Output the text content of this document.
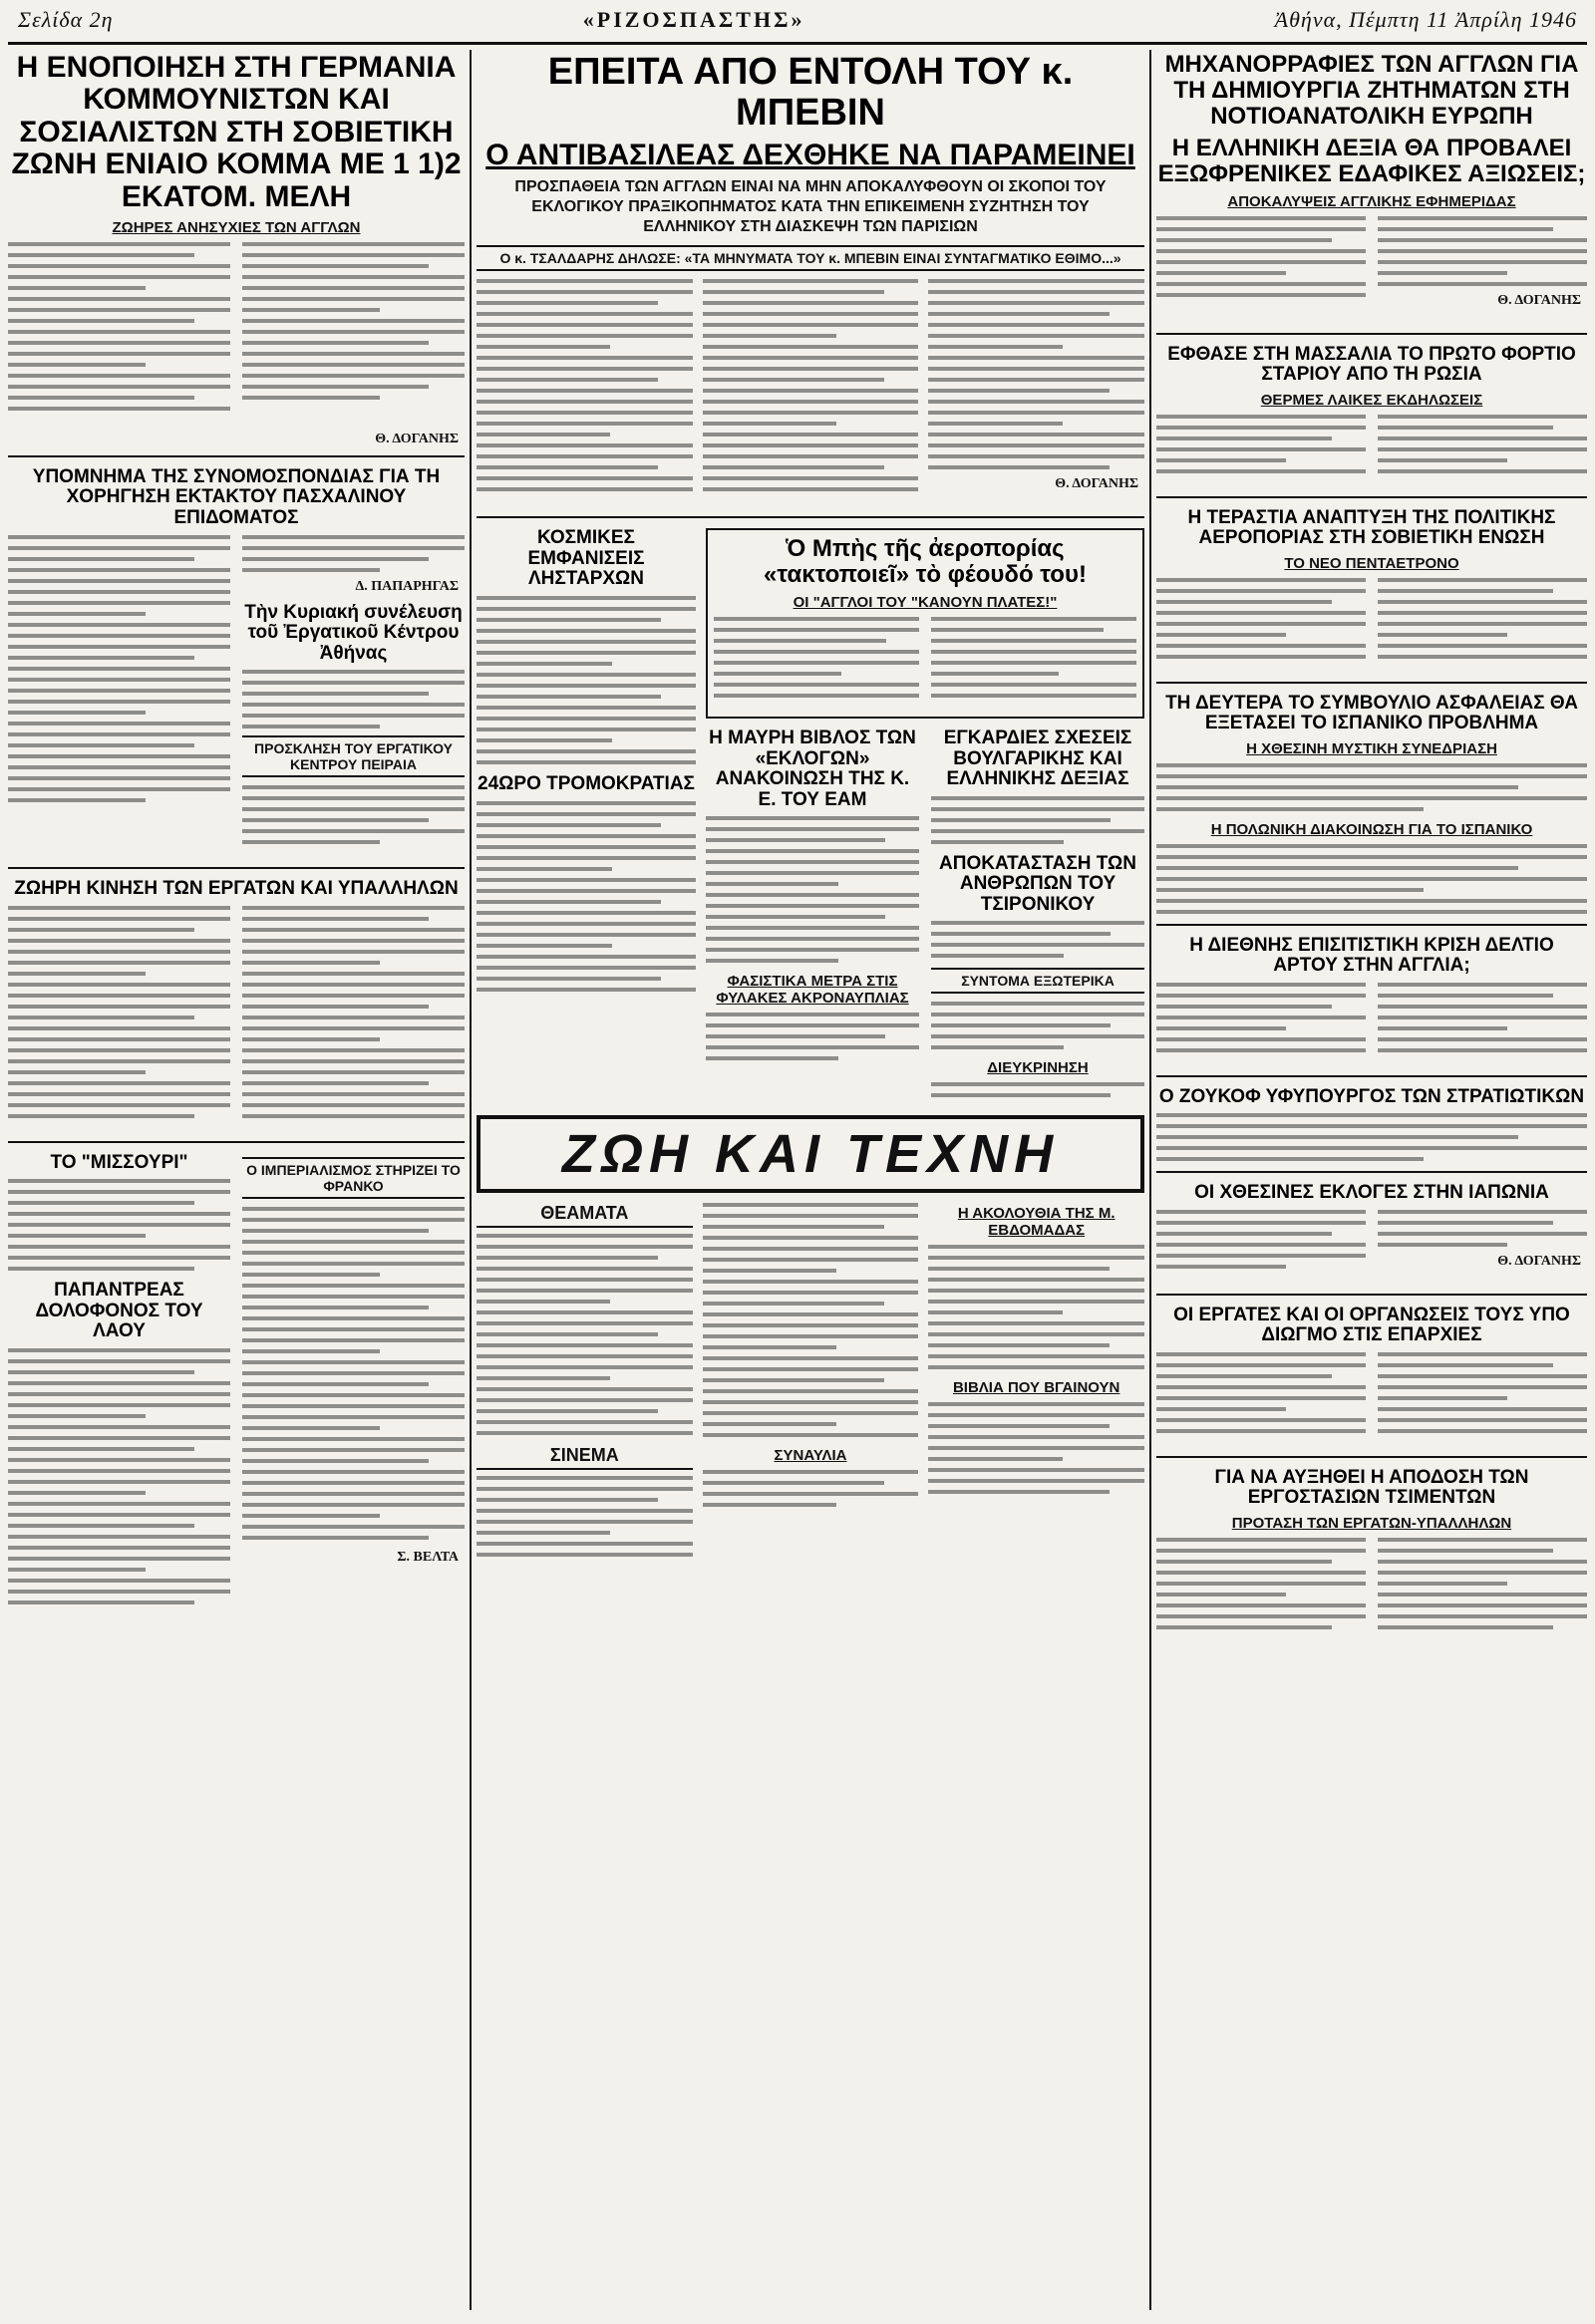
Σελίδα 2η	«ΡΙΖΟΣΠΑΣΤΗΣ»	Ἀθήνα, Πέμπτη 11 Ἀπρίλη 1946
Η ΕΝΟΠΟΙΗΣΗ ΣΤΗ ΓΕΡΜΑΝΙΑ ΚΟΜΜΟΥΝΙΣΤΩΝ ΚΑΙ ΣΟΣΙΑΛΙΣΤΩΝ ΣΤΗ ΣΟΒΙΕΤΙΚΗ ΖΩΝΗ ΕΝΙΑΙΟ ΚΟΜΜΑ ΜΕ 1 1)2 ΕΚΑΤΟΜ. ΜΕΛΗ
ΖΩΗΡΕΣ ΑΝΗΣΥΧΙΕΣ ΤΩΝ ΑΓΓΛΩΝ
Θ. ΔΟΓΑΝΗΣ
ΥΠΟΜΝΗΜΑ ΤΗΣ ΣΥΝΟΜΟΣΠΟΝΔΙΑΣ ΓΙΑ ΤΗ ΧΟΡΗΓΗΣΗ ΕΚΤΑΚΤΟΥ ΠΑΣΧΑΛΙΝΟΥ ΕΠΙΔΟΜΑΤΟΣ
Δ. ΠΑΠΑΡΗΓΑΣ
Τὴν Κυριακή συνέλευση τοῦ Ἐργατικοῦ Κέντρου Ἀθήνας
ΠΡΟΣΚΛΗΣΗ ΤΟΥ ΕΡΓΑΤΙΚΟΥ ΚΕΝΤΡΟΥ ΠΕΙΡΑΙΑ
ΖΩΗΡΗ ΚΙΝΗΣΗ ΤΩΝ ΕΡΓΑΤΩΝ ΚΑΙ ΥΠΑΛΛΗΛΩΝ
ΤΟ "ΜΙΣΣΟΥΡΙ"
ΠΑΠΑΝΤΡΕΑΣ ΔΟΛΟΦΟΝΟΣ ΤΟΥ ΛΑΟΥ
Ο ΙΜΠΕΡΙΑΛΙΣΜΟΣ ΣΤΗΡΙΖΕΙ ΤΟ ΦΡΑΝΚΟ
Σ. ΒΕΛΤΑ
ΕΠΕΙΤΑ ΑΠΟ ΕΝΤΟΛΗ ΤΟΥ κ. ΜΠΕΒΙΝ
Ο ΑΝΤΙΒΑΣΙΛΕΑΣ ΔΕΧΘΗΚΕ ΝΑ ΠΑΡΑΜΕΙΝΕΙ
ΠΡΟΣΠΑΘΕΙΑ ΤΩΝ ΑΓΓΛΩΝ ΕΙΝΑΙ ΝΑ ΜΗΝ ΑΠΟΚΑΛΥΦΘΟΥΝ ΟΙ ΣΚΟΠΟΙ ΤΟΥ ΕΚΛΟΓΙΚΟΥ ΠΡΑΞΙΚΟΠΗΜΑΤΟΣ ΚΑΤΑ ΤΗΝ ΕΠΙΚΕΙΜΕΝΗ ΣΥΖΗΤΗΣΗ ΤΟΥ ΕΛΛΗΝΙΚΟΥ ΣΤΗ ΔΙΑΣΚΕΨΗ ΤΩΝ ΠΑΡΙΣΙΩΝ
Ο κ. ΤΣΑΛΔΑΡΗΣ ΔΗΛΩΣΕ: «ΤΑ ΜΗΝΥΜΑΤΑ ΤΟΥ κ. ΜΠΕΒΙΝ ΕΙΝΑΙ ΣΥΝΤΑΓΜΑΤΙΚΟ ΕΘΙΜΟ...»
Θ. ΔΟΓΑΝΗΣ
ΚΟΣΜΙΚΕΣ ΕΜΦΑΝΙΣΕΙΣ ΛΗΣΤΑΡΧΩΝ
24ΩΡΟ ΤΡΟΜΟΚΡΑΤΙΑΣ
Ὁ Μπὴς τῆς ἀεροπορίας «τακτοποιεῖ» τὸ φέουδό του!
ΟΙ "ΑΓΓΛΟΙ ΤΟΥ "ΚΑΝΟΥΝ ΠΛΑΤΕΣ!"
Η ΜΑΥΡΗ ΒΙΒΛΟΣ ΤΩΝ «ΕΚΛΟΓΩΝ» ΑΝΑΚΟΙΝΩΣΗ ΤΗΣ Κ. Ε. ΤΟΥ ΕΑΜ
ΦΑΣΙΣΤΙΚΑ ΜΕΤΡΑ ΣΤΙΣ ΦΥΛΑΚΕΣ ΑΚΡΟΝΑΥΠΛΙΑΣ
ΕΓΚΑΡΔΙΕΣ ΣΧΕΣΕΙΣ ΒΟΥΛΓΑΡΙΚΗΣ ΚΑΙ ΕΛΛΗΝΙΚΗΣ ΔΕΞΙΑΣ
ΑΠΟΚΑΤΑΣΤΑΣΗ ΤΩΝ ΑΝΘΡΩΠΩΝ ΤΟΥ ΤΣΙΡΟΝΙΚΟΥ
ΣΥΝΤΟΜΑ ΕΞΩΤΕΡΙΚΑ
ΔΙΕΥΚΡΙΝΗΣΗ
ΖΩΗ ΚΑΙ ΤΕΧΝΗ
ΘΕΑΜΑΤΑ
ΣΙΝΕΜΑ	ΣΥΝΑΥΛΙΑ
Η ΑΚΟΛΟΥΘΙΑ ΤΗΣ Μ. ΕΒΔΟΜΑΔΑΣ
ΒΙΒΛΙΑ ΠΟΥ ΒΓΑΙΝΟΥΝ
ΜΗΧΑΝΟΡΡΑΦΙΕΣ ΤΩΝ ΑΓΓΛΩΝ ΓΙΑ ΤΗ ΔΗΜΙΟΥΡΓΙΑ ΖΗΤΗΜΑΤΩΝ ΣΤΗ ΝΟΤΙΟΑΝΑΤΟΛΙΚΗ ΕΥΡΩΠΗ
Η ΕΛΛΗΝΙΚΗ ΔΕΞΙΑ ΘΑ ΠΡΟΒΑΛΕΙ ΕΞΩΦΡΕΝΙΚΕΣ ΕΔΑΦΙΚΕΣ ΑΞΙΩΣΕΙΣ;
ΑΠΟΚΑΛΥΨΕΙΣ ΑΓΓΛΙΚΗΣ ΕΦΗΜΕΡΙΔΑΣ
Θ. ΔΟΓΑΝΗΣ
ΕΦΘΑΣΕ ΣΤΗ ΜΑΣΣΑΛΙΑ ΤΟ ΠΡΩΤΟ ΦΟΡΤΙΟ ΣΤΑΡΙΟΥ ΑΠΟ ΤΗ ΡΩΣΙΑ
ΘΕΡΜΕΣ ΛΑΙΚΕΣ ΕΚΔΗΛΩΣΕΙΣ
Η ΤΕΡΑΣΤΙΑ ΑΝΑΠΤΥΞΗ ΤΗΣ ΠΟΛΙΤΙΚΗΣ ΑΕΡΟΠΟΡΙΑΣ ΣΤΗ ΣΟΒΙΕΤΙΚΗ ΕΝΩΣΗ
ΤΟ ΝΕΟ ΠΕΝΤΑΕΤΡΟΝΟ
ΤΗ ΔΕΥΤΕΡΑ ΤΟ ΣΥΜΒΟΥΛΙΟ ΑΣΦΑΛΕΙΑΣ ΘΑ ΕΞΕΤΑΣΕΙ ΤΟ ΙΣΠΑΝΙΚΟ ΠΡΟΒΛΗΜΑ
Η ΧΘΕΣΙΝΗ ΜΥΣΤΙΚΗ ΣΥΝΕΔΡΙΑΣΗ
Η ΠΟΛΩΝΙΚΗ ΔΙΑΚΟΙΝΩΣΗ ΓΙΑ ΤΟ ΙΣΠΑΝΙΚΟ
Η ΔΙΕΘΝΗΣ ΕΠΙΣΙΤΙΣΤΙΚΗ ΚΡΙΣΗ ΔΕΛΤΙΟ ΑΡΤΟΥ ΣΤΗΝ ΑΓΓΛΙΑ;
Ο ΖΟΥΚΟΦ ΥΦΥΠΟΥΡΓΟΣ ΤΩΝ ΣΤΡΑΤΙΩΤΙΚΩΝ
ΟΙ ΧΘΕΣΙΝΕΣ ΕΚΛΟΓΕΣ ΣΤΗΝ ΙΑΠΩΝΙΑ
Θ. ΔΟΓΑΝΗΣ
ΟΙ ΕΡΓΑΤΕΣ ΚΑΙ ΟΙ ΟΡΓΑΝΩΣΕΙΣ ΤΟΥΣ ΥΠΟ ΔΙΩΓΜΟ ΣΤΙΣ ΕΠΑΡΧΙΕΣ
ΓΙΑ ΝΑ ΑΥΞΗΘΕΙ Η ΑΠΟΔΟΣΗ ΤΩΝ ΕΡΓΟΣΤΑΣΙΩΝ ΤΣΙΜΕΝΤΩΝ
ΠΡΟΤΑΣΗ ΤΩΝ ΕΡΓΑΤΩΝ-ΥΠΑΛΛΗΛΩΝ
